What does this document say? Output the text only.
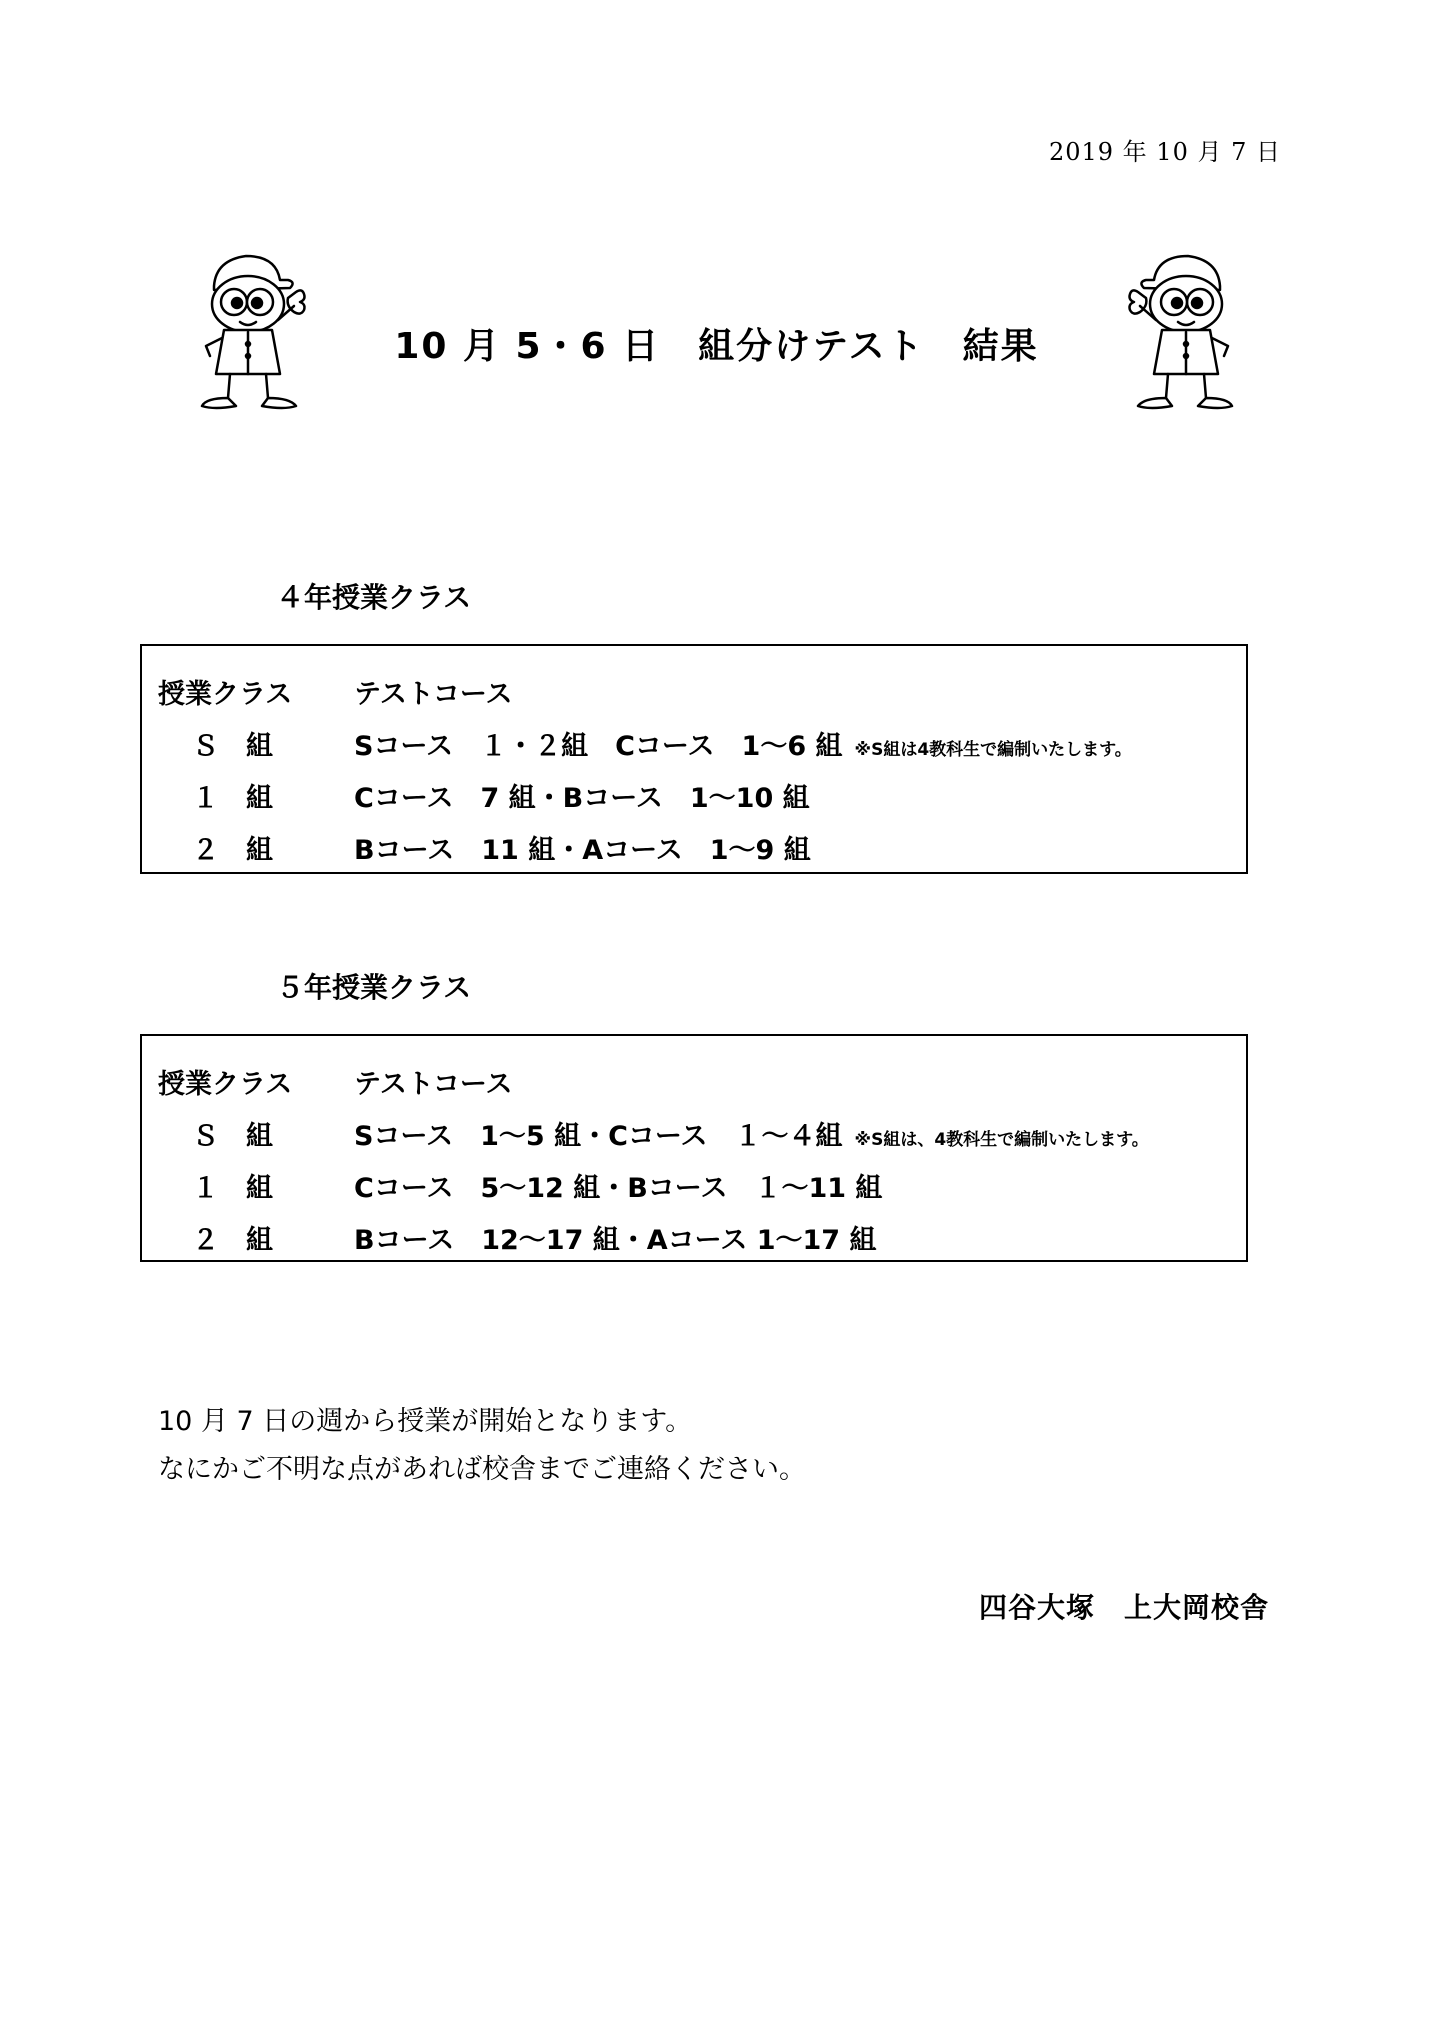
2019 年 10 月 7 日
10 月 5・6 日　組分けテスト　結果
４年授業クラス
授業クラス テストコース
Ｓ 組	Sコース　１・２組　Cコース　1～6 組 ※S組は4教科生で編制いたします。
１ 組	Cコース　7 組・Bコース　1～10 組
２ 組	Bコース　11 組・Aコース　1～9 組
５年授業クラス
授業クラス テストコース
Ｓ 組	Sコース　1～5 組・Cコース　１～４組 ※S組は、4教科生で編制いたします。
１ 組	Cコース　5～12 組・Bコース　１～11 組
２ 組	Bコース　12～17 組・Aコース 1～17 組
10 月 7 日の週から授業が開始となります。
なにかご不明な点があれば校舎までご連絡ください。
四谷大塚　上大岡校舎
